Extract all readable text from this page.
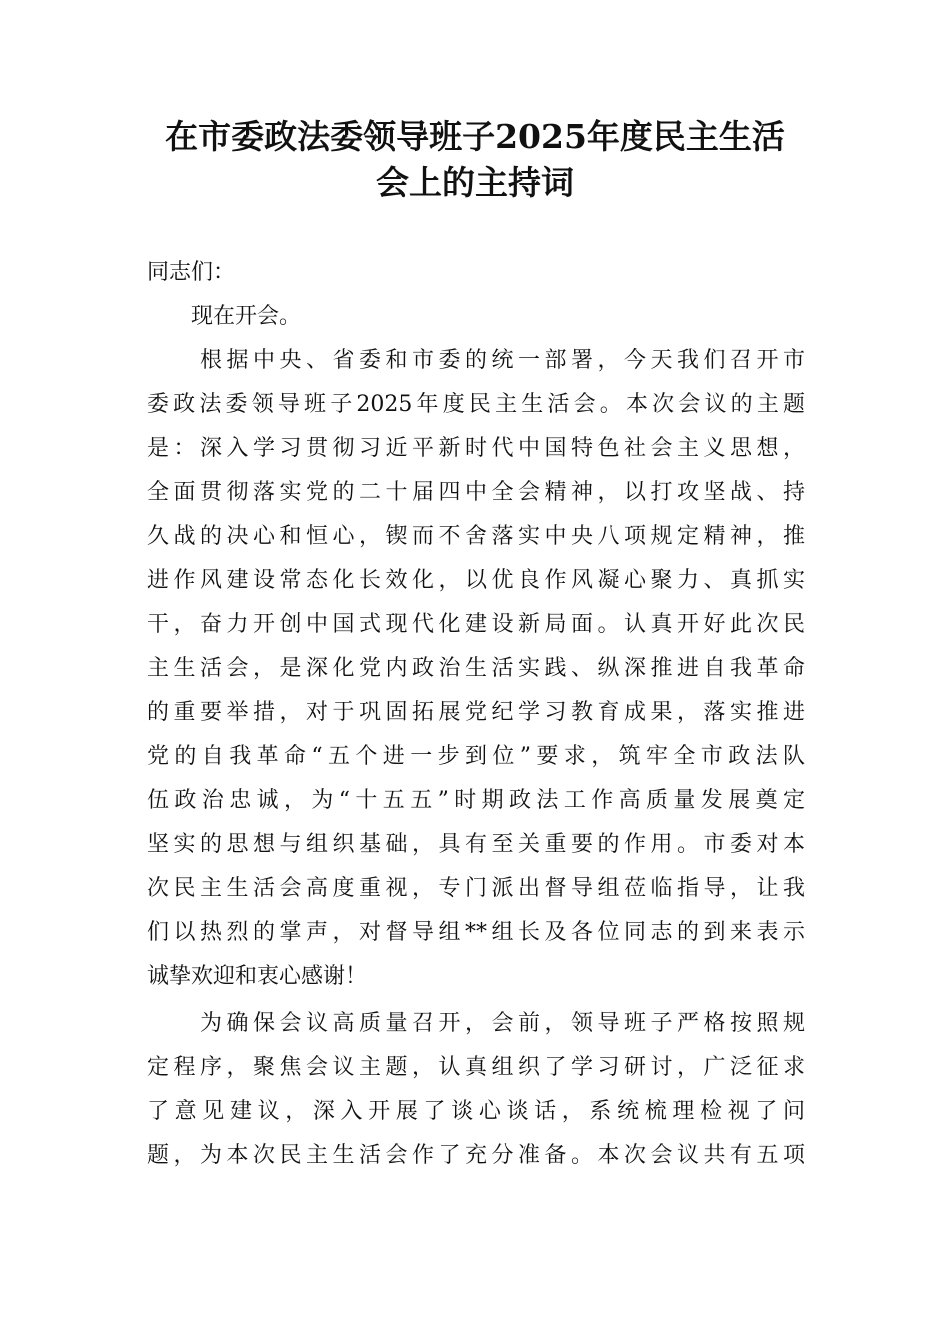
在市委政法委领导班子2025年度民主生活
会上的主持词
同志们：
　　现在开会。
　　根据中央、省委和市委的统一部署，今天我们召开市
委政法委领导班子2025年度民主生活会。本次会议的主题
是：深入学习贯彻习近平新时代中国特色社会主义思想，
全面贯彻落实党的二十届四中全会精神，以打攻坚战、持
久战的决心和恒心，锲而不舍落实中央八项规定精神，推
进作风建设常态化长效化，以优良作风凝心聚力、真抓实
干，奋力开创中国式现代化建设新局面。认真开好此次民
主生活会，是深化党内政治生活实践、纵深推进自我革命
的重要举措，对于巩固拓展党纪学习教育成果，落实推进
党的自我革命“五个进一步到位”要求，筑牢全市政法队
伍政治忠诚，为“十五五”时期政法工作高质量发展奠定
坚实的思想与组织基础，具有至关重要的作用。市委对本
次民主生活会高度重视，专门派出督导组莅临指导，让我
们以热烈的掌声，对督导组**组长及各位同志的到来表示
诚挚欢迎和衷心感谢！
　　为确保会议高质量召开，会前，领导班子严格按照规
定程序，聚焦会议主题，认真组织了学习研讨，广泛征求
了意见建议，深入开展了谈心谈话，系统梳理检视了问
题，为本次民主生活会作了充分准备。本次会议共有五项
